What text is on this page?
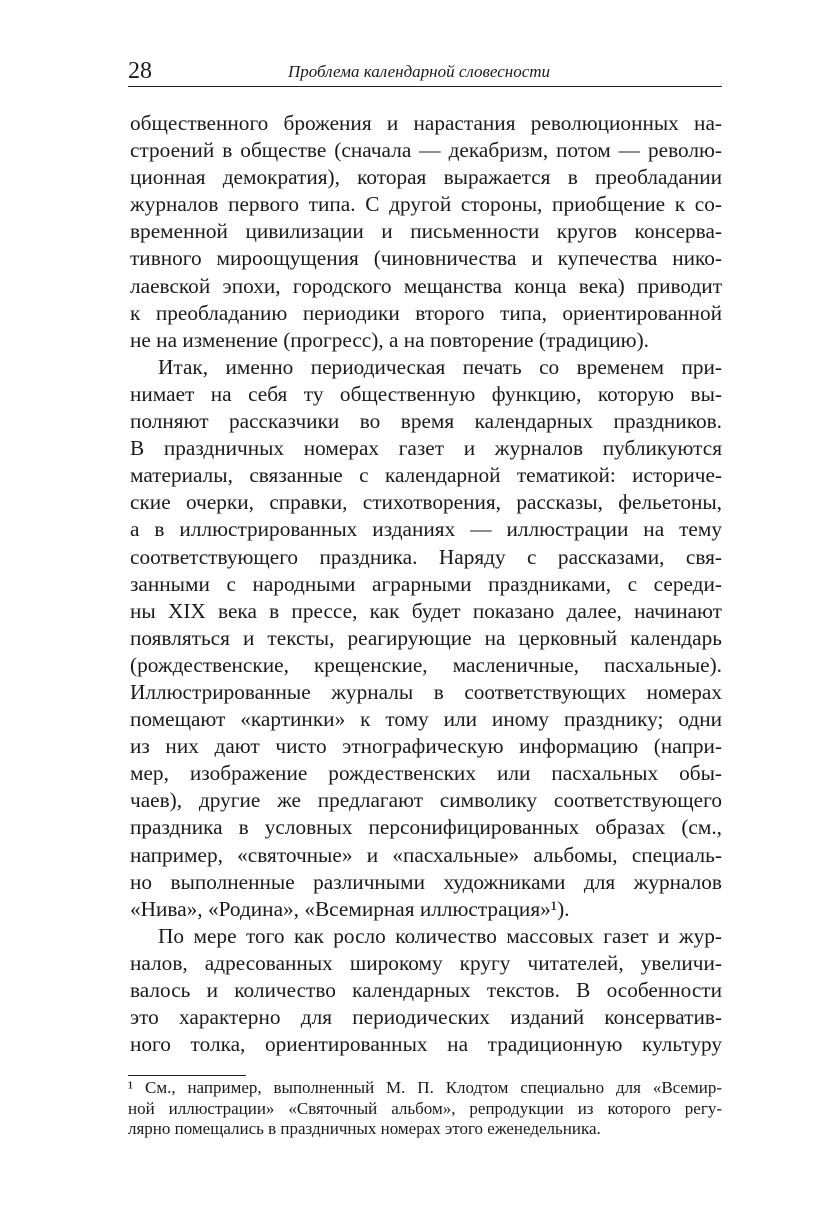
28	Проблема календарной словесности
общественного брожения и нарастания революционных на-
строений в обществе (сначала — декабризм, потом — револю-
ционная демократия), которая выражается в преобладании
журналов первого типа. С другой стороны, приобщение к со-
временной цивилизации и письменности кругов консерва-
тивного мироощущения (чиновничества и купечества нико-
лаевской эпохи, городского мещанства конца века) приводит
к преобладанию периодики второго типа, ориентированной
не на изменение (прогресс), а на повторение (традицию).
Итак, именно периодическая печать со временем при-
нимает на себя ту общественную функцию, которую вы-
полняют рассказчики во время календарных праздников.
В праздничных номерах газет и журналов публикуются
материалы, связанные с календарной тематикой: историче-
ские очерки, справки, стихотворения, рассказы, фельетоны,
а в иллюстрированных изданиях — иллюстрации на тему
соответствующего праздника. Наряду с рассказами, свя-
занными с народными аграрными праздниками, с середи-
ны XIX века в прессе, как будет показано далее, начинают
появляться и тексты, реагирующие на церковный календарь
(рождественские, крещенские, масленичные, пасхальные).
Иллюстрированные журналы в соответствующих номерах
помещают «картинки» к тому или иному празднику; одни
из них дают чисто этнографическую информацию (напри-
мер, изображение рождественских или пасхальных обы-
чаев), другие же предлагают символику соответствующего
праздника в условных персонифицированных образах (см.,
например, «святочные» и «пасхальные» альбомы, специаль-
но выполненные различными художниками для журналов
«Нива», «Родина», «Всемирная иллюстрация»¹).
По мере того как росло количество массовых газет и жур-
налов, адресованных широкому кругу читателей, увеличи-
валось и количество календарных текстов. В особенности
это характерно для периодических изданий консерватив-
ного толка, ориентированных на традиционную культуру
¹ См., например, выполненный М. П. Клодтом специально для «Всемир-
ной иллюстрации» «Святочный альбом», репродукции из которого регу-
лярно помещались в праздничных номерах этого еженедельника.
